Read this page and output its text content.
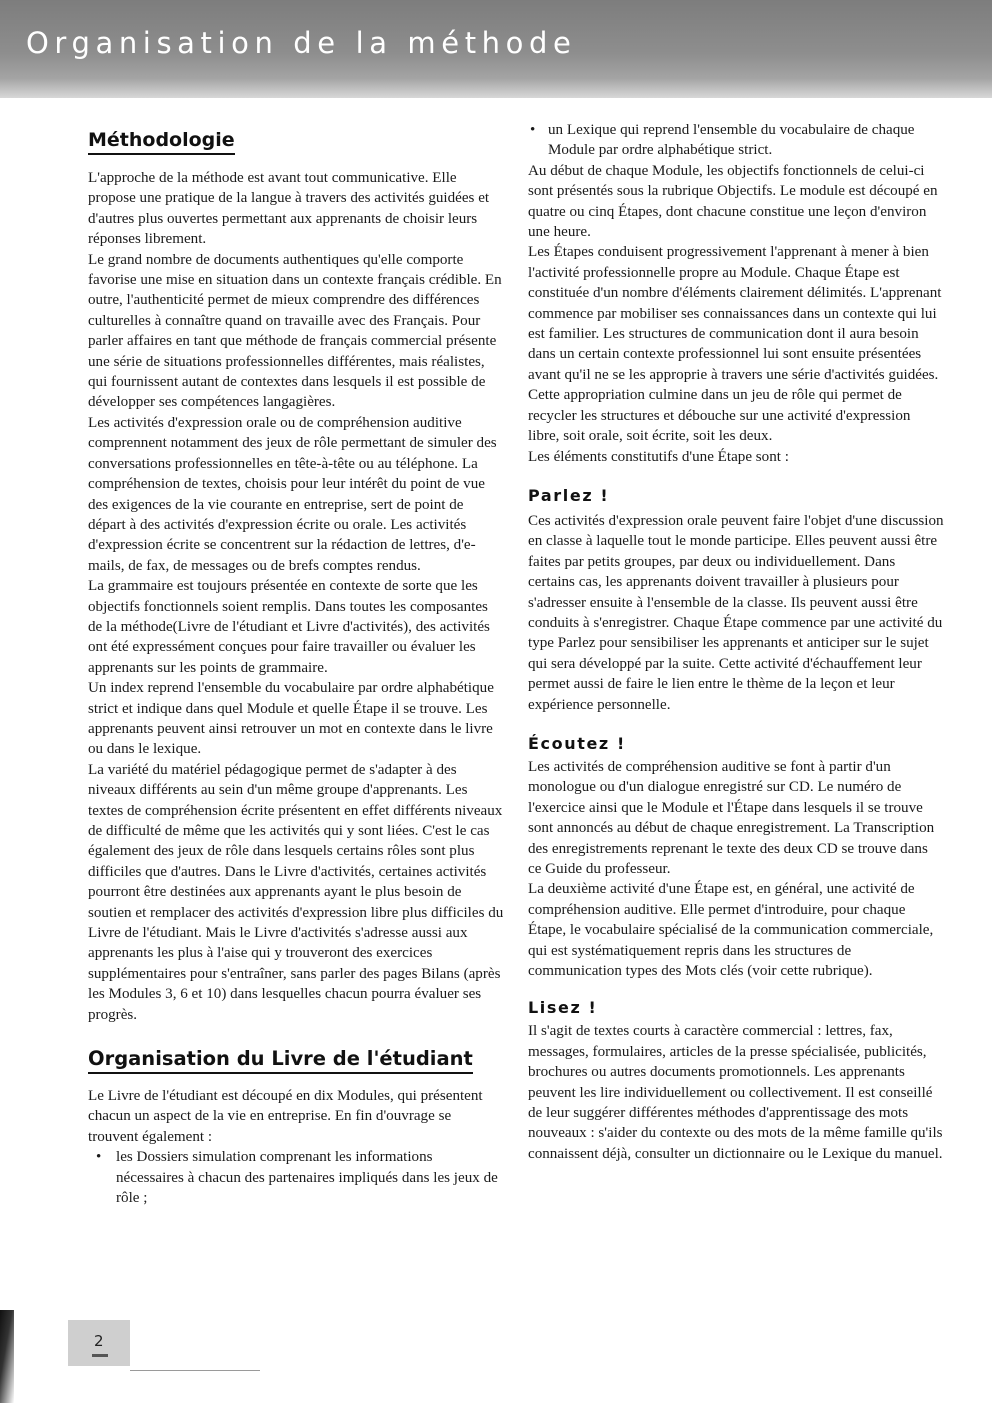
Organisation de la méthode
Méthodologie

L'approche de la méthode est avant tout communicative. Elle propose une pratique de la langue à travers des activités guidées et d'autres plus ouvertes permettant aux apprenants de choisir leurs réponses librement.

Le grand nombre de documents authentiques qu'elle comporte favorise une mise en situation dans un contexte français crédible. En outre, l'authenticité permet de mieux comprendre des différences culturelles à connaître quand on travaille avec des Français. Pour parler affaires en tant que méthode de français commercial présente une série de situations professionnelles différentes, mais réalistes, qui fournissent autant de contextes dans lesquels il est possible de développer ses compétences langagières.

Les activités d'expression orale ou de compréhension auditive comprennent notamment des jeux de rôle permettant de simuler des conversations professionnelles en tête-à-tête ou au téléphone. La compréhension de textes, choisis pour leur intérêt du point de vue des exigences de la vie courante en entreprise, sert de point de départ à des activités d'expression écrite ou orale. Les activités d'expression écrite se concentrent sur la rédaction de lettres, d'e-mails, de fax, de messages ou de brefs comptes rendus.

La grammaire est toujours présentée en contexte de sorte que les objectifs fonctionnels soient remplis. Dans toutes les composantes de la méthode(Livre de l'étudiant et Livre d'activités), des activités ont été expressément conçues pour faire travailler ou évaluer les apprenants sur les points de grammaire.

Un index reprend l'ensemble du vocabulaire par ordre alphabétique strict et indique dans quel Module et quelle Étape il se trouve. Les apprenants peuvent ainsi retrouver un mot en contexte dans le livre ou dans le lexique.

La variété du matériel pédagogique permet de s'adapter à des niveaux différents au sein d'un même groupe d'apprenants. Les textes de compréhension écrite présentent en effet différents niveaux de difficulté de même que les activités qui y sont liées. C'est le cas également des jeux de rôle dans lesquels certains rôles sont plus difficiles que d'autres. Dans le Livre d'activités, certaines activités pourront être destinées aux apprenants ayant le plus besoin de soutien et remplacer des activités d'expression libre plus difficiles du Livre de l'étudiant. Mais le Livre d'activités s'adresse aussi aux apprenants les plus à l'aise qui y trouveront des exercices supplémentaires pour s'entraîner, sans parler des pages Bilans (après les Modules 3, 6 et 10) dans lesquelles chacun pourra évaluer ses progrès.

Organisation du Livre de l'étudiant

Le Livre de l'étudiant est découpé en dix Modules, qui présentent chacun un aspect de la vie en entreprise. En fin d'ouvrage se trouvent également :

• les Dossiers simulation comprenant les informations nécessaires à chacun des partenaires impliqués dans les jeux de rôle ;
• un Lexique qui reprend l'ensemble du vocabulaire de chaque Module par ordre alphabétique strict.

Au début de chaque Module, les objectifs fonctionnels de celui-ci sont présentés sous la rubrique Objectifs. Le module est découpé en quatre ou cinq Étapes, dont chacune constitue une leçon d'environ une heure.

Les Étapes conduisent progressivement l'apprenant à mener à bien l'activité professionnelle propre au Module. Chaque Étape est constituée d'un nombre d'éléments clairement délimités. L'apprenant commence par mobiliser ses connaissances dans un contexte qui lui est familier. Les structures de communication dont il aura besoin dans un certain contexte professionnel lui sont ensuite présentées avant qu'il ne se les approprie à travers une série d'activités guidées. Cette appropriation culmine dans un jeu de rôle qui permet de recycler les structures et débouche sur une activité d'expression libre, soit orale, soit écrite, soit les deux.

Les éléments constitutifs d'une Étape sont :

Parlez !

Ces activités d'expression orale peuvent faire l'objet d'une discussion en classe à laquelle tout le monde participe. Elles peuvent aussi être faites par petits groupes, par deux ou individuellement. Dans certains cas, les apprenants doivent travailler à plusieurs pour s'adresser ensuite à l'ensemble de la classe. Ils peuvent aussi être conduits à s'enregistrer. Chaque Étape commence par une activité du type Parlez pour sensibiliser les apprenants et anticiper sur le sujet qui sera développé par la suite. Cette activité d'échauffement leur permet aussi de faire le lien entre le thème de la leçon et leur expérience personnelle.

Écoutez !

Les activités de compréhension auditive se font à partir d'un monologue ou d'un dialogue enregistré sur CD. Le numéro de l'exercice ainsi que le Module et l'Étape dans lesquels il se trouve sont annoncés au début de chaque enregistrement. La Transcription des enregistrements reprenant le texte des deux CD se trouve dans ce Guide du professeur.

La deuxième activité d'une Étape est, en général, une activité de compréhension auditive. Elle permet d'introduire, pour chaque Étape, le vocabulaire spécialisé de la communication commerciale, qui est systématiquement repris dans les structures de communication types des Mots clés (voir cette rubrique).

Lisez !

Il s'agit de textes courts à caractère commercial : lettres, fax, messages, formulaires, articles de la presse spécialisée, publicités, brochures ou autres documents promotionnels. Les apprenants peuvent les lire individuellement ou collectivement. Il est conseillé de leur suggérer différentes méthodes d'apprentissage des mots nouveaux : s'aider du contexte ou des mots de la même famille qu'ils connaissent déjà, consulter un dictionnaire ou le Lexique du manuel.

2
